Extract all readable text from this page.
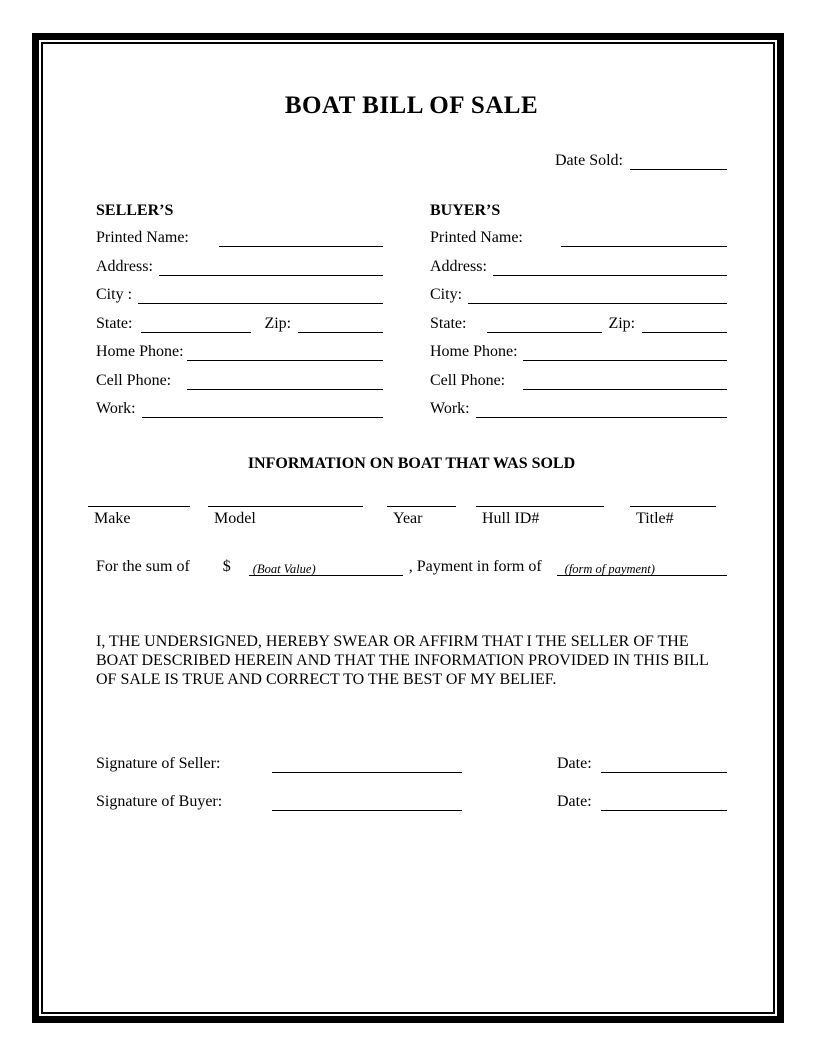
BOAT BILL OF SALE
Date Sold:
SELLER’S
Printed Name:
Address:
City :
State:	Zip:
Home Phone:
Cell Phone:
Work:
BUYER’S
Printed Name:
Address:
City:
State:	Zip:
Home Phone:
Cell Phone:
Work:
INFORMATION ON BOAT THAT WAS SOLD
Make	Model	Year	Hull ID#	Title#
For the sum of $ (Boat Value)	, Payment in form of (form of payment)

I, THE UNDERSIGNED, HEREBY SWEAR OR AFFIRM THAT I THE SELLER OF THE BOAT DESCRIBED HEREIN AND THAT THE INFORMATION PROVIDED IN THIS BILL OF SALE IS TRUE AND CORRECT TO THE BEST OF MY BELIEF.

Signature of Seller:	Date:
Signature of Buyer:	Date:
